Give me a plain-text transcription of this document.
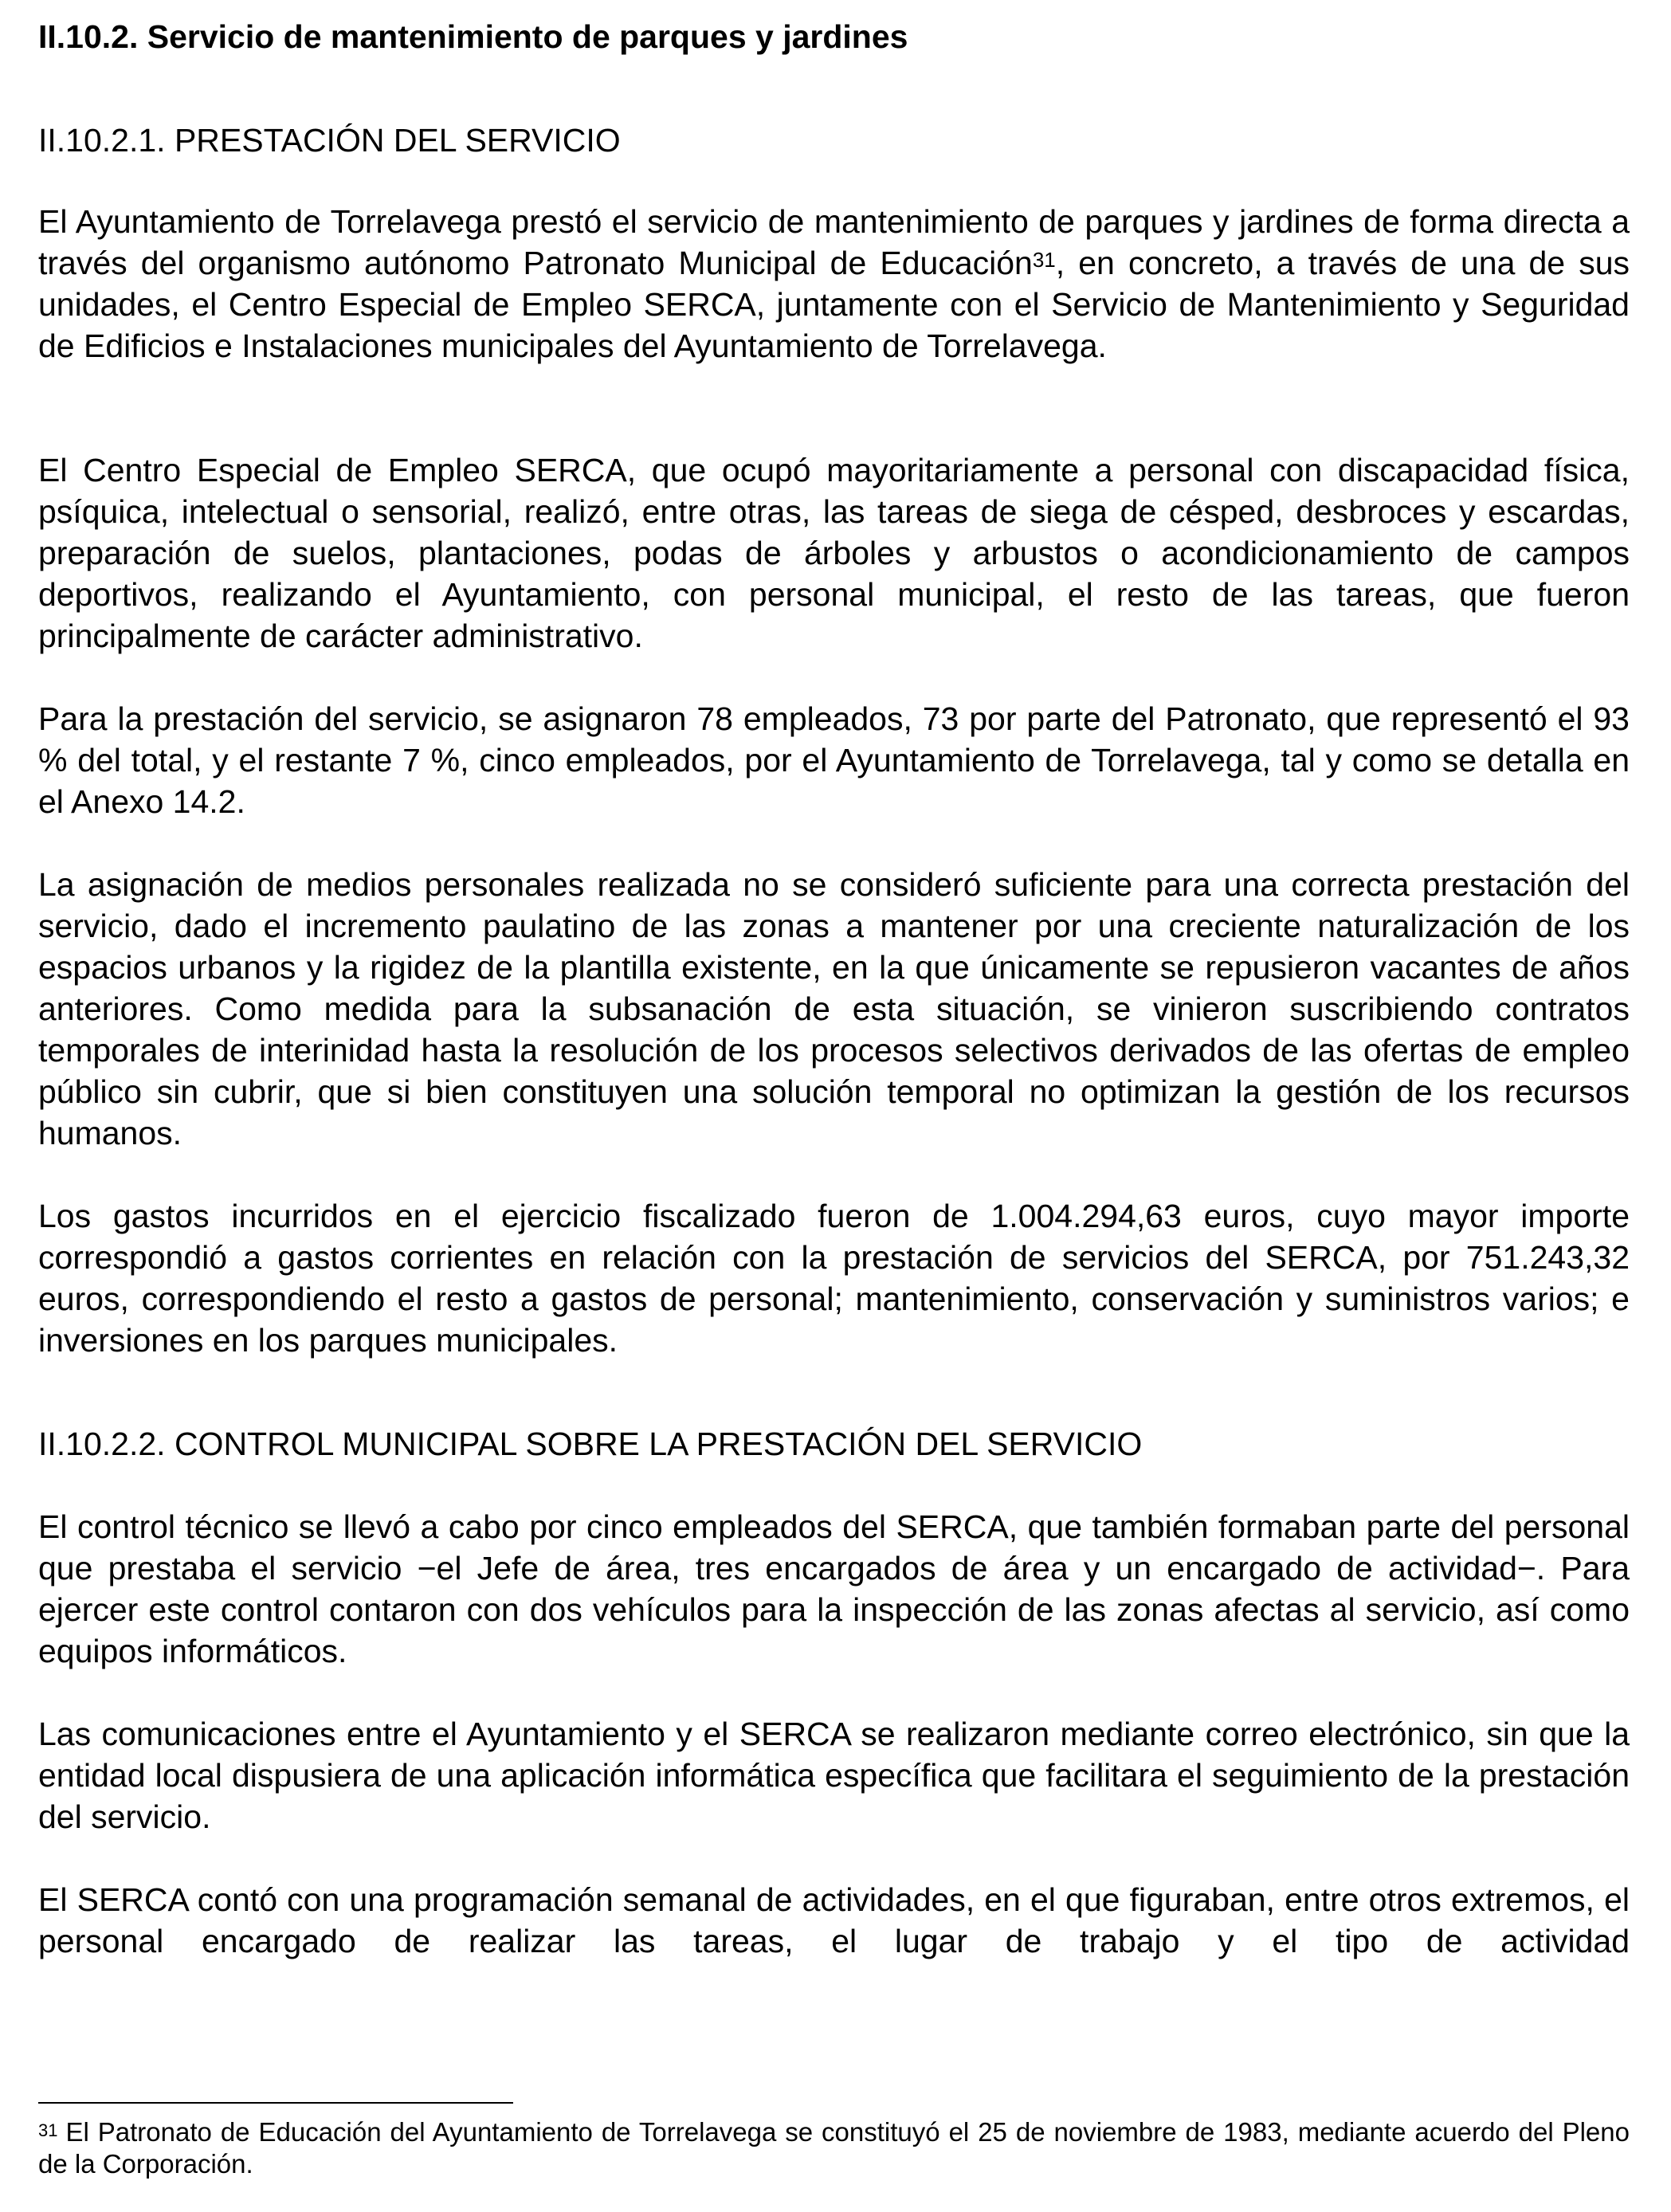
II.10.2. Servicio de mantenimiento de parques y jardines
II.10.2.1. PRESTACIÓN DEL SERVICIO

El Ayuntamiento de Torrelavega prestó el servicio de mantenimiento de parques y jardines de forma directa a través del organismo autónomo Patronato Municipal de Educación$^{31}$, en concreto, a través de una de sus unidades, el Centro Especial de Empleo SERCA, juntamente con el Servicio de Mantenimiento y Seguridad de Edificios e Instalaciones municipales del Ayuntamiento de Torrelavega.

El Centro Especial de Empleo SERCA, que ocupó mayoritariamente a personal con discapacidad física, psíquica, intelectual o sensorial, realizó, entre otras, las tareas de siega de césped, desbroces y escardas, preparación de suelos, plantaciones, podas de árboles y arbustos o acondicionamiento de campos deportivos, realizando el Ayuntamiento, con personal municipal, el resto de las tareas, que fueron principalmente de carácter administrativo.

Para la prestación del servicio, se asignaron 78 empleados, 73 por parte del Patronato, que representó el 93 % del total, y el restante 7 %, cinco empleados, por el Ayuntamiento de Torrelavega, tal y como se detalla en el Anexo 14.2.

La asignación de medios personales realizada no se consideró suficiente para una correcta prestación del servicio, dado el incremento paulatino de las zonas a mantener por una creciente naturalización de los espacios urbanos y la rigidez de la plantilla existente, en la que únicamente se repusieron vacantes de años anteriores. Como medida para la subsanación de esta situación, se vinieron suscribiendo contratos temporales de interinidad hasta la resolución de los procesos selectivos derivados de las ofertas de empleo público sin cubrir, que si bien constituyen una solución temporal no optimizan la gestión de los recursos humanos.

Los gastos incurridos en el ejercicio fiscalizado fueron de 1.004.294,63 euros, cuyo mayor importe correspondió a gastos corrientes en relación con la prestación de servicios del SERCA, por 751.243,32 euros, correspondiendo el resto a gastos de personal; mantenimiento, conservación y suministros varios; e inversiones en los parques municipales.

II.10.2.2. CONTROL MUNICIPAL SOBRE LA PRESTACIÓN DEL SERVICIO

El control técnico se llevó a cabo por cinco empleados del SERCA, que también formaban parte del personal que prestaba el servicio −el Jefe de área, tres encargados de área y un encargado de actividad−. Para ejercer este control contaron con dos vehículos para la inspección de las zonas afectas al servicio, así como equipos informáticos.

Las comunicaciones entre el Ayuntamiento y el SERCA se realizaron mediante correo electrónico, sin que la entidad local dispusiera de una aplicación informática específica que facilitara el seguimiento de la prestación del servicio.

El SERCA contó con una programación semanal de actividades, en el que figuraban, entre otros extremos, el personal encargado de realizar las tareas, el lugar de trabajo y el tipo de actividad

$^{31}$ El Patronato de Educación del Ayuntamiento de Torrelavega se constituyó el 25 de noviembre de 1983, mediante acuerdo del Pleno de la Corporación.
